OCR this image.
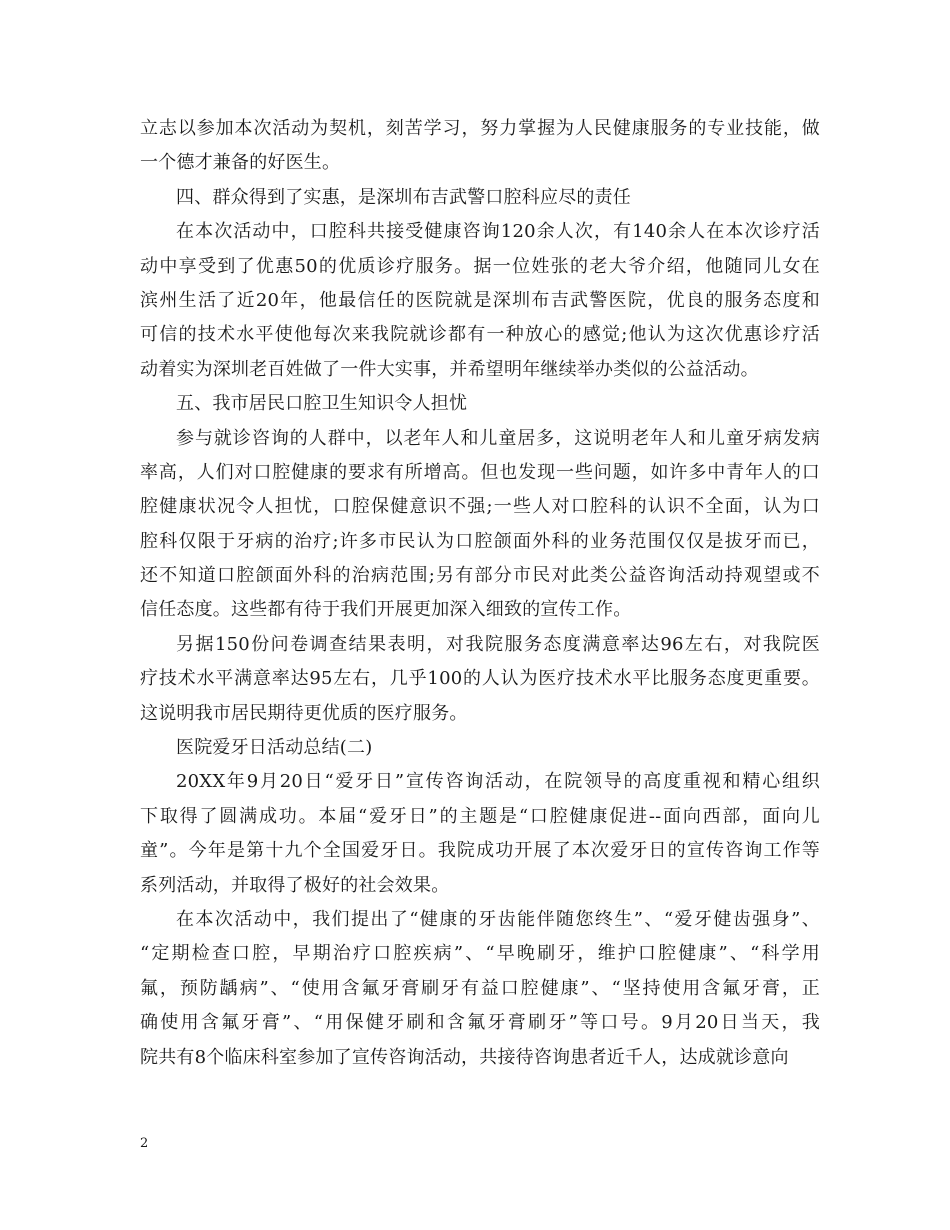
立志以参加本次活动为契机，刻苦学习，努力掌握为人民健康服务的专业技能，做
一个德才兼备的好医生。
四、群众得到了实惠，是深圳布吉武警口腔科应尽的责任
在本次活动中，口腔科共接受健康咨询120余人次，有140余人在本次诊疗活
动中享受到了优惠50的优质诊疗服务。据一位姓张的老大爷介绍，他随同儿女在
滨州生活了近20年，他最信任的医院就是深圳布吉武警医院，优良的服务态度和
可信的技术水平使他每次来我院就诊都有一种放心的感觉;他认为这次优惠诊疗活
动着实为深圳老百姓做了一件大实事，并希望明年继续举办类似的公益活动。
五、我市居民口腔卫生知识令人担忧
参与就诊咨询的人群中，以老年人和儿童居多，这说明老年人和儿童牙病发病
率高，人们对口腔健康的要求有所增高。但也发现一些问题，如许多中青年人的口
腔健康状况令人担忧，口腔保健意识不强;一些人对口腔科的认识不全面，认为口
腔科仅限于牙病的治疗;许多市民认为口腔颌面外科的业务范围仅仅是拔牙而已，
还不知道口腔颌面外科的治病范围;另有部分市民对此类公益咨询活动持观望或不
信任态度。这些都有待于我们开展更加深入细致的宣传工作。
另据150份问卷调查结果表明，对我院服务态度满意率达96左右，对我院医
疗技术水平满意率达95左右，几乎100的人认为医疗技术水平比服务态度更重要。
这说明我市居民期待更优质的医疗服务。
医院爱牙日活动总结(二)
20XX年9月20日“爱牙日”宣传咨询活动，在院领导的高度重视和精心组织
下取得了圆满成功。本届“爱牙日”的主题是“口腔健康促进--面向西部，面向儿
童”。今年是第十九个全国爱牙日。我院成功开展了本次爱牙日的宣传咨询工作等
系列活动，并取得了极好的社会效果。
在本次活动中，我们提出了“健康的牙齿能伴随您终生”、“爱牙健齿强身”、
“定期检查口腔，早期治疗口腔疾病”、“早晚刷牙，维护口腔健康”、“科学用
氟，预防龋病”、“使用含氟牙膏刷牙有益口腔健康”、“坚持使用含氟牙膏，正
确使用含氟牙膏”、“用保健牙刷和含氟牙膏刷牙”等口号。9月20日当天，我
院共有8个临床科室参加了宣传咨询活动，共接待咨询患者近千人，达成就诊意向
2
